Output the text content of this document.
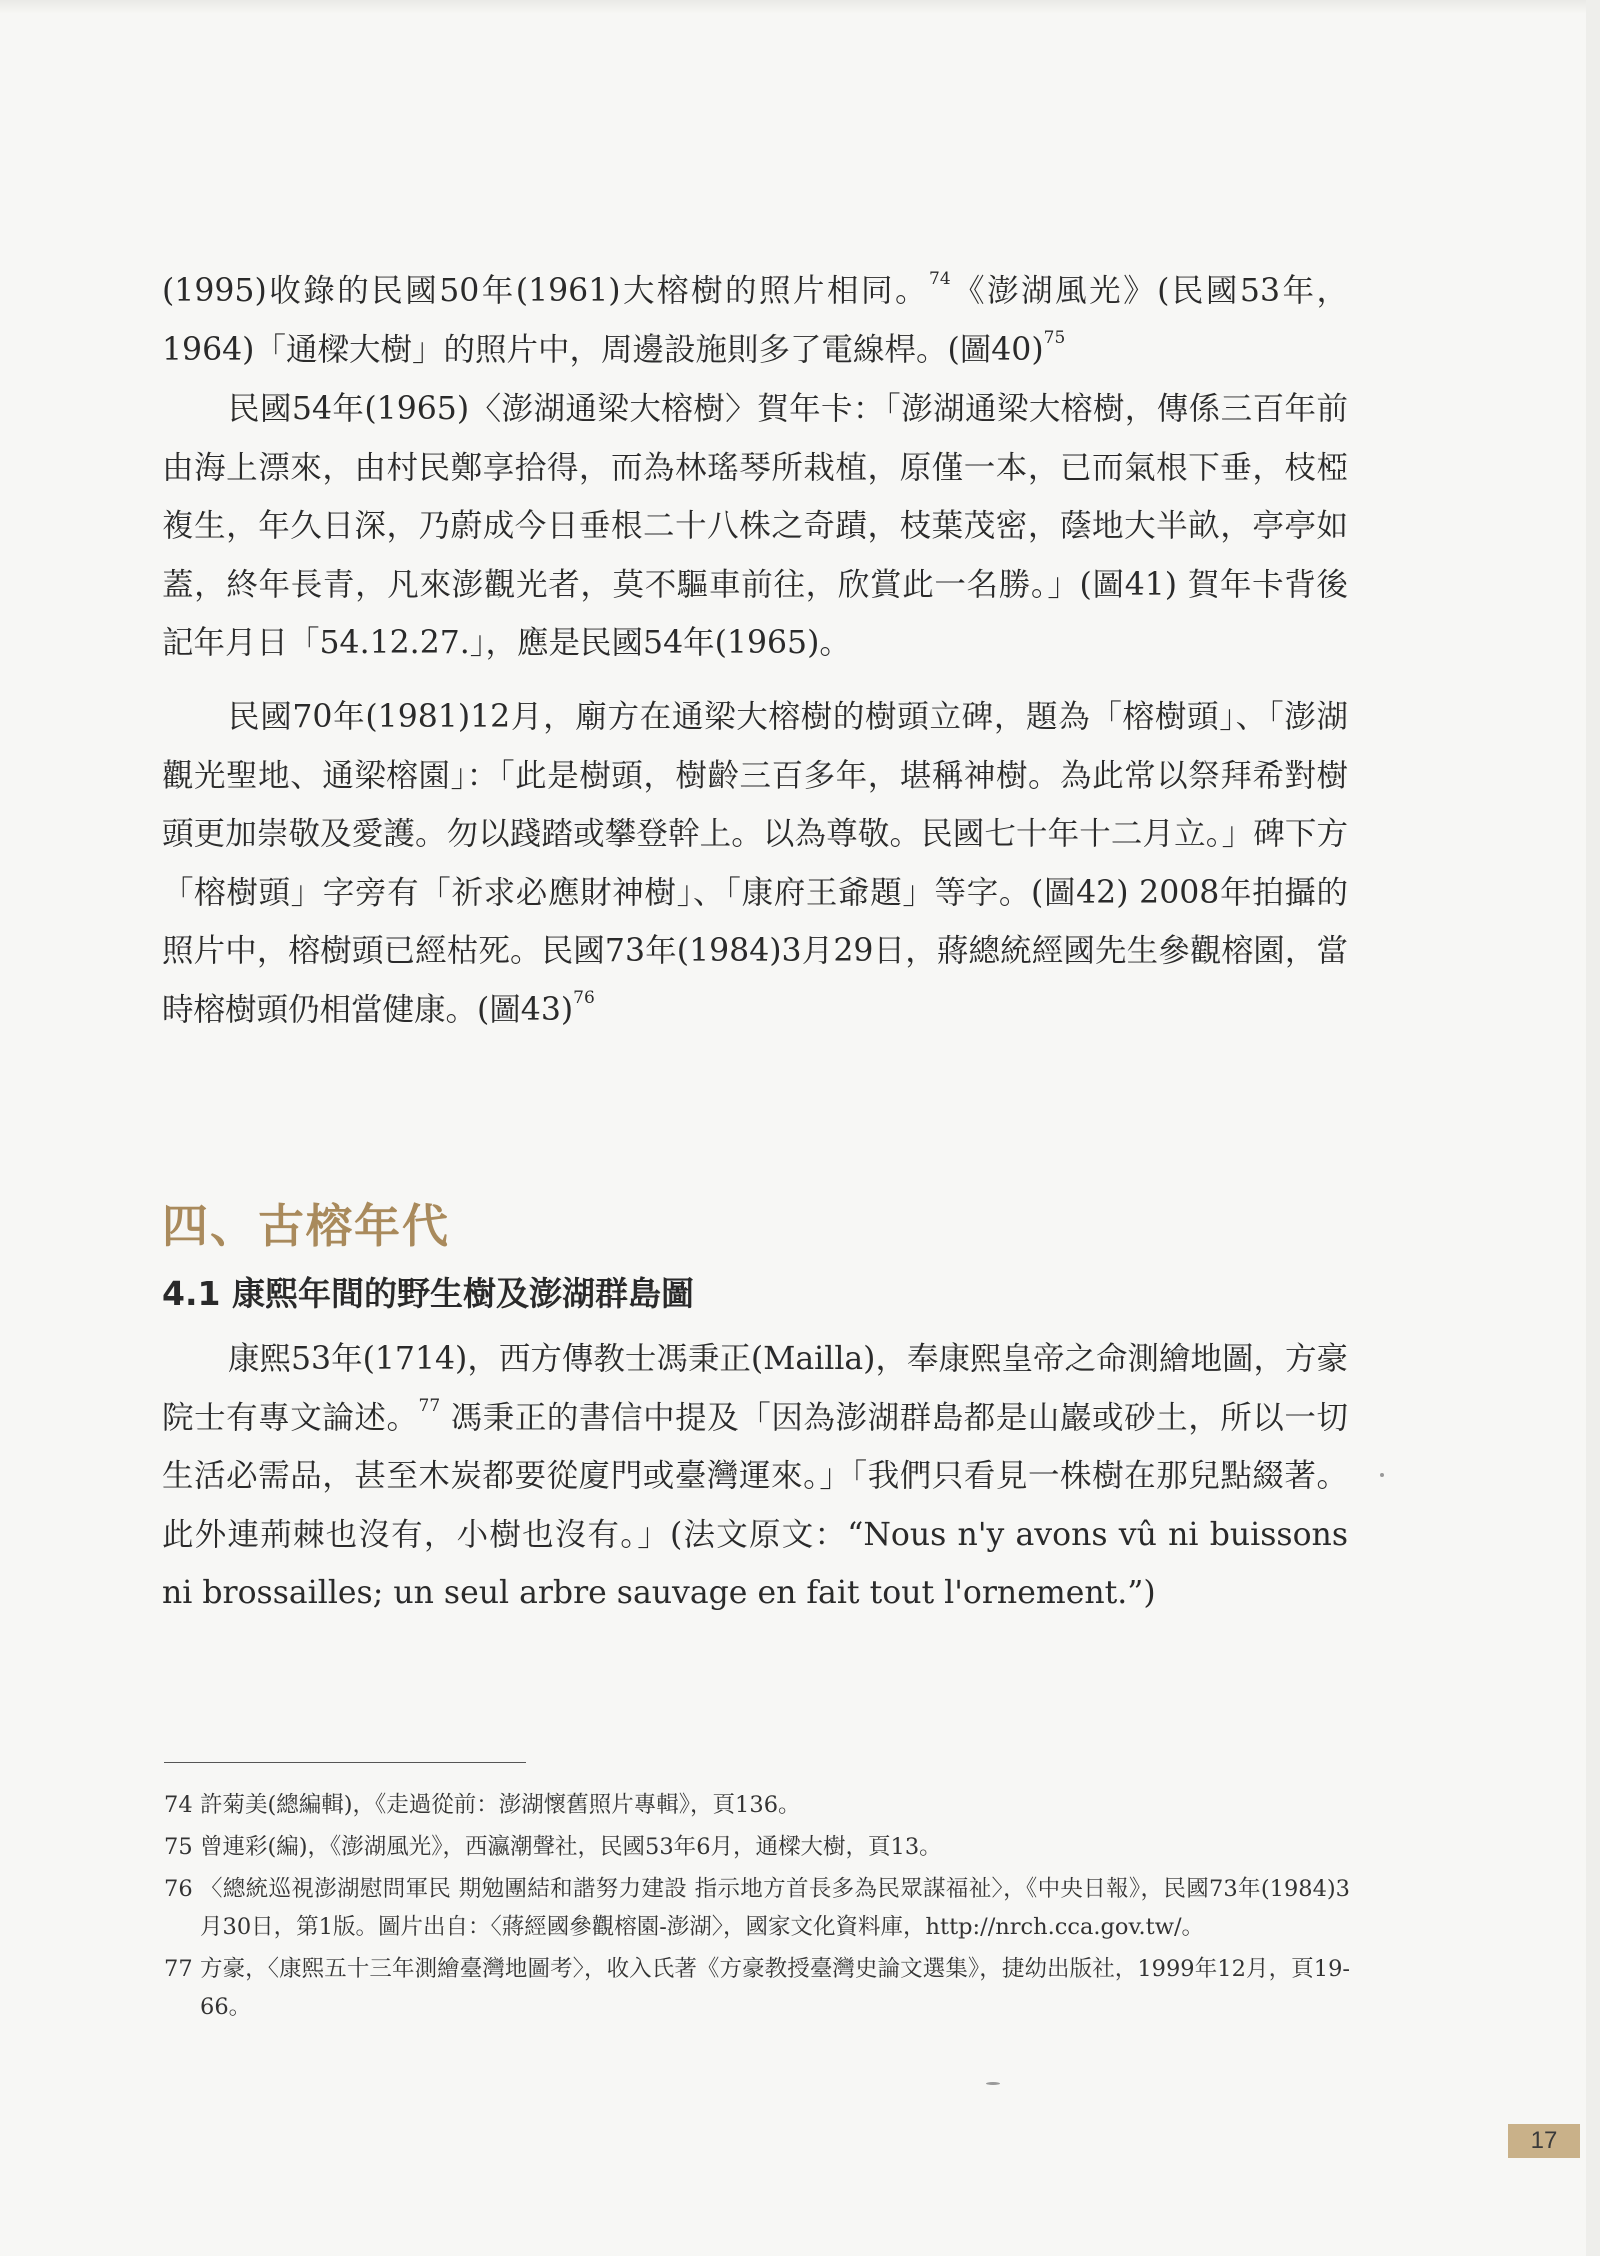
(1995)收錄的民國50年(1961)大榕樹的照片相同。$^{74}$《澎湖風光》(民國53年，1964)「通樑大樹」的照片中，周邊設施則多了電線桿。(圖40)$^{75}$

民國54年(1965)〈澎湖通梁大榕樹〉賀年卡：「澎湖通梁大榕樹，傳係三百年前由海上漂來，由村民鄭享拾得，而為林瑤琴所栽植，原僅一本，已而氣根下垂，枝椏複生，年久日深，乃蔚成今日垂根二十八株之奇蹟，枝葉茂密，蔭地大半畝，亭亭如蓋，終年長青，凡來澎觀光者，莫不驅車前往，欣賞此一名勝。」(圖41) 賀年卡背後記年月日「54.12.27.」，應是民國54年(1965)。

民國70年(1981)12月，廟方在通梁大榕樹的樹頭立碑，題為「榕樹頭」、「澎湖觀光聖地、通梁榕園」：「此是樹頭，樹齡三百多年，堪稱神樹。為此常以祭拜希對樹頭更加崇敬及愛護。勿以踐踏或攀登幹上。以為尊敬。民國七十年十二月立。」碑下方「榕樹頭」字旁有「祈求必應財神樹」、「康府王爺題」等字。(圖42) 2008年拍攝的照片中，榕樹頭已經枯死。民國73年(1984)3月29日，蔣總統經國先生參觀榕園，當時榕樹頭仍相當健康。(圖43)$^{76}$

四、古榕年代
4.1 康熙年間的野生樹及澎湖群島圖

康熙53年(1714)，西方傳教士馮秉正(Mailla)，奉康熙皇帝之命測繪地圖，方豪院士有專文論述。$^{77}$ 馮秉正的書信中提及「因為澎湖群島都是山巖或砂土，所以一切生活必需品，甚至木炭都要從廈門或臺灣運來。」「我們只看見一株樹在那兒點綴著。此外連荊棘也沒有，小樹也沒有。」(法文原文：“Nous n'y avons vû ni buissons ni brossailles; un seul arbre sauvage en fait tout l'ornement.”)

74 許菊美(總編輯)，《走過從前：澎湖懷舊照片專輯》，頁136。
75 曾連彩(編)，《澎湖風光》，西瀛潮聲社，民國53年6月，通樑大樹，頁13。
76 〈總統巡視澎湖慰問軍民 期勉團結和諧努力建設 指示地方首長多為民眾謀福祉〉，《中央日報》，民國73年(1984)3月30日，第1版。圖片出自：〈蔣經國參觀榕園-澎湖〉，國家文化資料庫，http://nrch.cca.gov.tw/。
77 方豪，〈康熙五十三年測繪臺灣地圖考〉，收入氏著《方豪教授臺灣史論文選集》，捷幼出版社，1999年12月，頁19-66。
17
